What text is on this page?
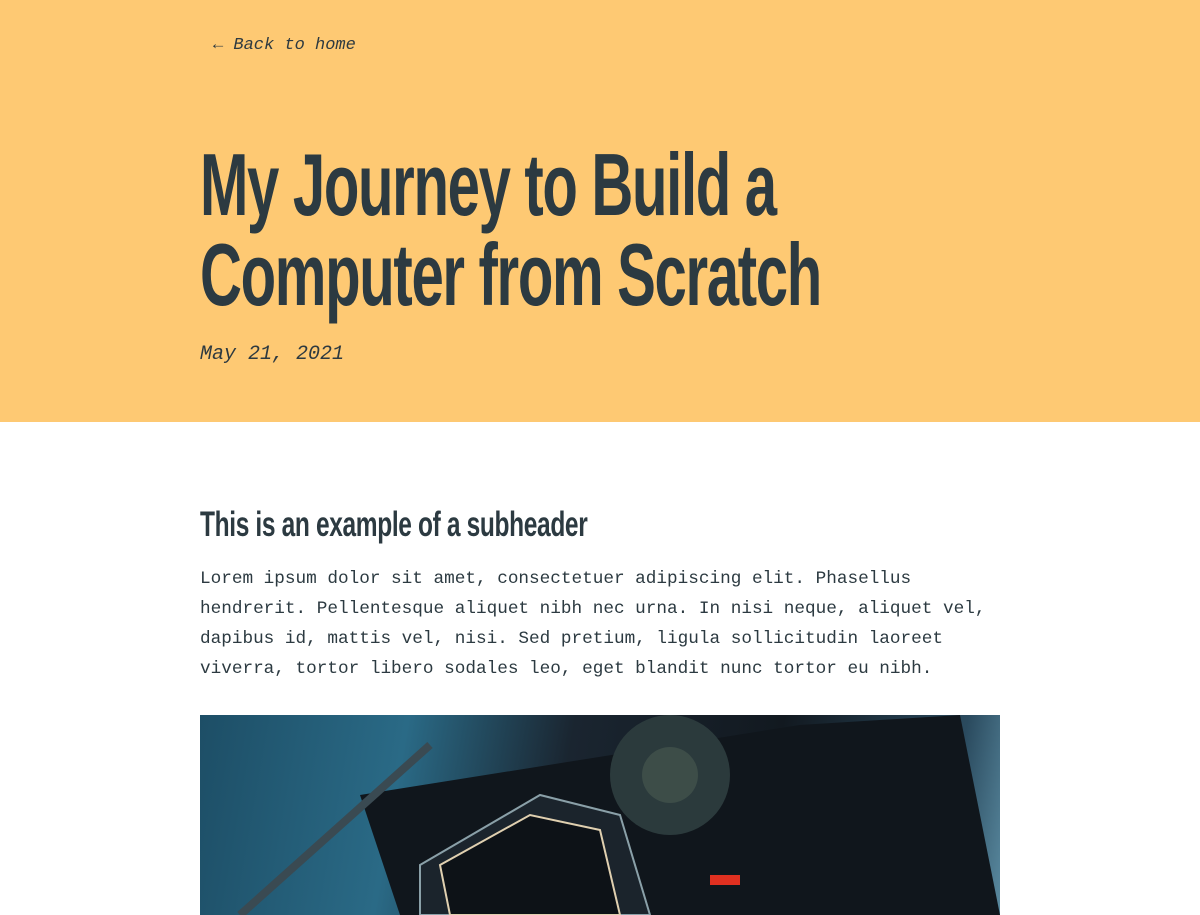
← Back to home
My Journey to Build a
Computer from Scratch
May 21, 2021
This is an example of a subheader

Lorem ipsum dolor sit amet, consectetuer adipiscing elit. Phasellus hendrerit. Pellentesque aliquet nibh nec urna. In nisi neque, aliquet vel, dapibus id, mattis vel, nisi. Sed pretium, ligula sollicitudin laoreet viverra, tortor libero sodales leo, eget blandit nunc tortor eu nibh.
